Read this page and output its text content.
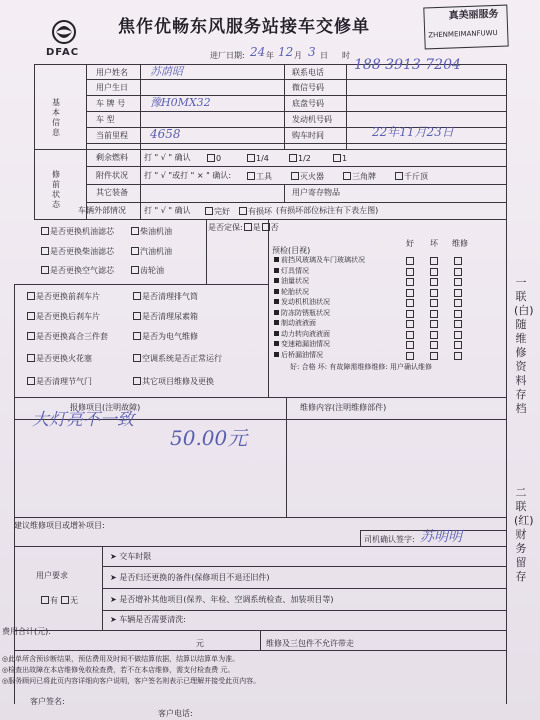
DFAC
焦作优畅东风服务站接车交修单
真美丽服务
ZHENMEIMANFUWU
进厂日期: 24 年 12 月 3 日 时
基本信息
用户姓名 苏荫昭	联系电话 188 3913 7204
用户生日	微信号码
车 牌 号 豫H0MX32	底盘号码
车 型	发动机号码
当前里程 4658	购车时间	22年11月23日
修前状态
剩余燃料 打 " √ " 确认	0	1/4	1/2	1
附件状况 打 " √ "或打 " × " 确认:	工具	灭火器	三角牌	千斤顶
其它装备	用户寄存物品
车辆外部情况 打 " √ " 确认	完好	有损坏 (有损坏部位标注有下表左图)
是否更换机油滤芯
是否更换柴油滤芯
是否更换空气滤芯
柴油机油
汽油机油
齿轮油
是否定保: 是 否
是否更换前刹车片
是否更换后刹车片
是否更换高合三件套
是否更换火花塞
是否清理节气门
是否清理排气筒
是否清理尿素箱
是否为电气维修
空调系统是否正常运行
其它项目维修及更换
预检(目视)
好 坏 维修
前挡风玻璃及车门玻璃状况
灯具情况
油量状况
轮胎状况
发动机机油状况
防冻防锈瓶状况
制动液液面
动力转向液液面
变速箱漏油情况
后桥漏油情况
好: 合格 坏: 有故障需维修维修: 用户确认维修
一联(白)随维修资料存档
二联(红)财务留存
报修项目(注明故障)	维修内容(注明维修部件)
大灯亮不一致
50.00元
建议维修项目或增补项目:
司机确认签字: 苏明明
用户要求
有	无
➤ 交车时限
➤ 是否归还更换的备件(保修项目不退还旧件)
➤ 是否增补其他项目(保养、年检、空调系统检查、加装项目等)
➤ 车辆是否需要清洗:
费用合计(元):
元	维修及三包件不允许带走
◎此单所含预诊断结果，预估费用及时间不做结算依据，结算以结算单为准。
◎检查出故障在本店维修免收检查费，若不在本店维修，需支付检查费 元。
◎服务顾问已将此页内容详细向客户说明，客户签名则表示已理解并接受此页内容。
客户签名:
客户电话:
